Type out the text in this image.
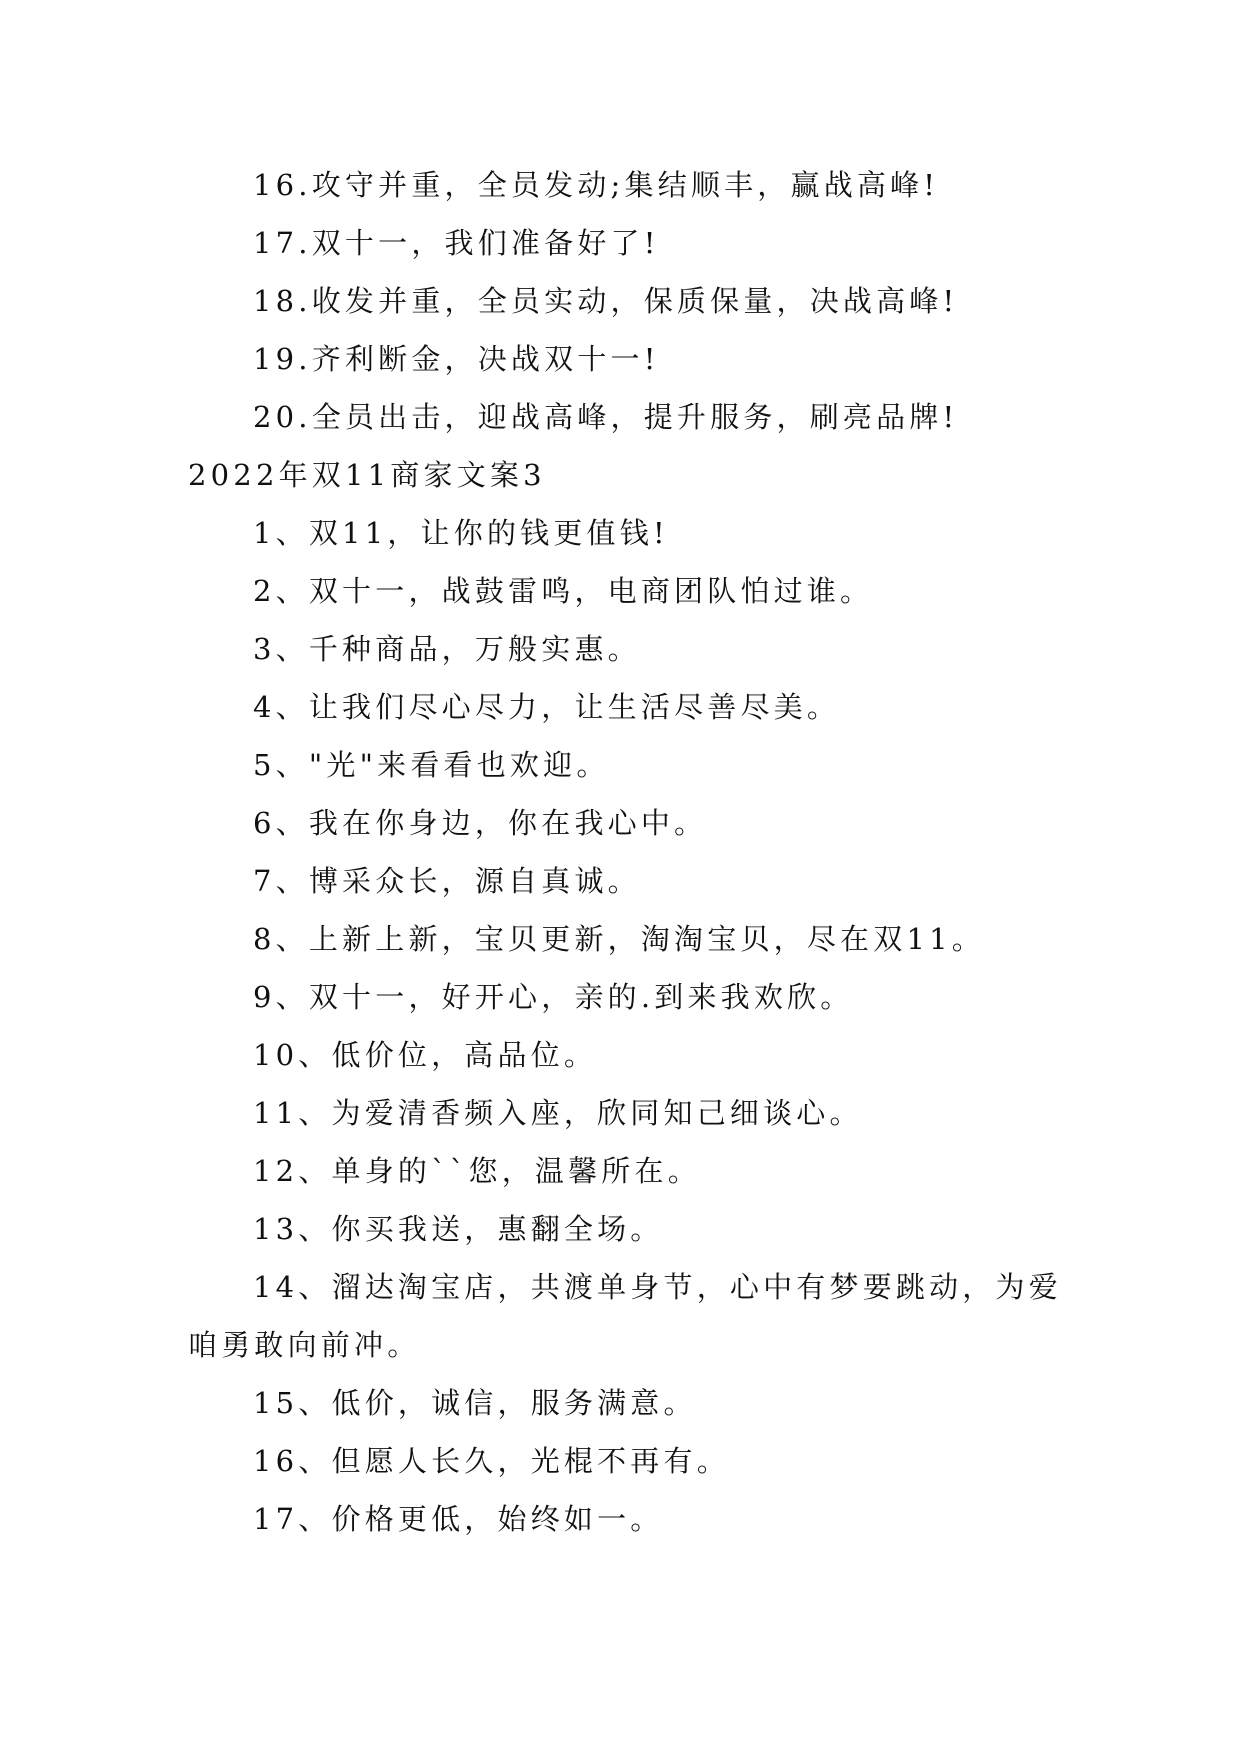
16.攻守并重，全员发动;集结顺丰，赢战高峰!
17.双十一，我们准备好了!
18.收发并重，全员实动，保质保量，决战高峰!
19.齐利断金，决战双十一!
20.全员出击，迎战高峰，提升服务，刷亮品牌!
2022年双11商家文案3
1、双11，让你的钱更值钱!
2、双十一，战鼓雷鸣，电商团队怕过谁。
3、千种商品，万般实惠。
4、让我们尽心尽力，让生活尽善尽美。
5、"光"来看看也欢迎。
6、我在你身边，你在我心中。
7、博采众长，源自真诚。
8、上新上新，宝贝更新，淘淘宝贝，尽在双11。
9、双十一，好开心，亲的.到来我欢欣。
10、低价位，高品位。
11、为爱清香频入座，欣同知己细谈心。
12、单身的``您，温馨所在。
13、你买我送，惠翻全场。
14、溜达淘宝店，共渡单身节，心中有梦要跳动，为爱
咱勇敢向前冲。
15、低价，诚信，服务满意。
16、但愿人长久，光棍不再有。
17、价格更低，始终如一。
